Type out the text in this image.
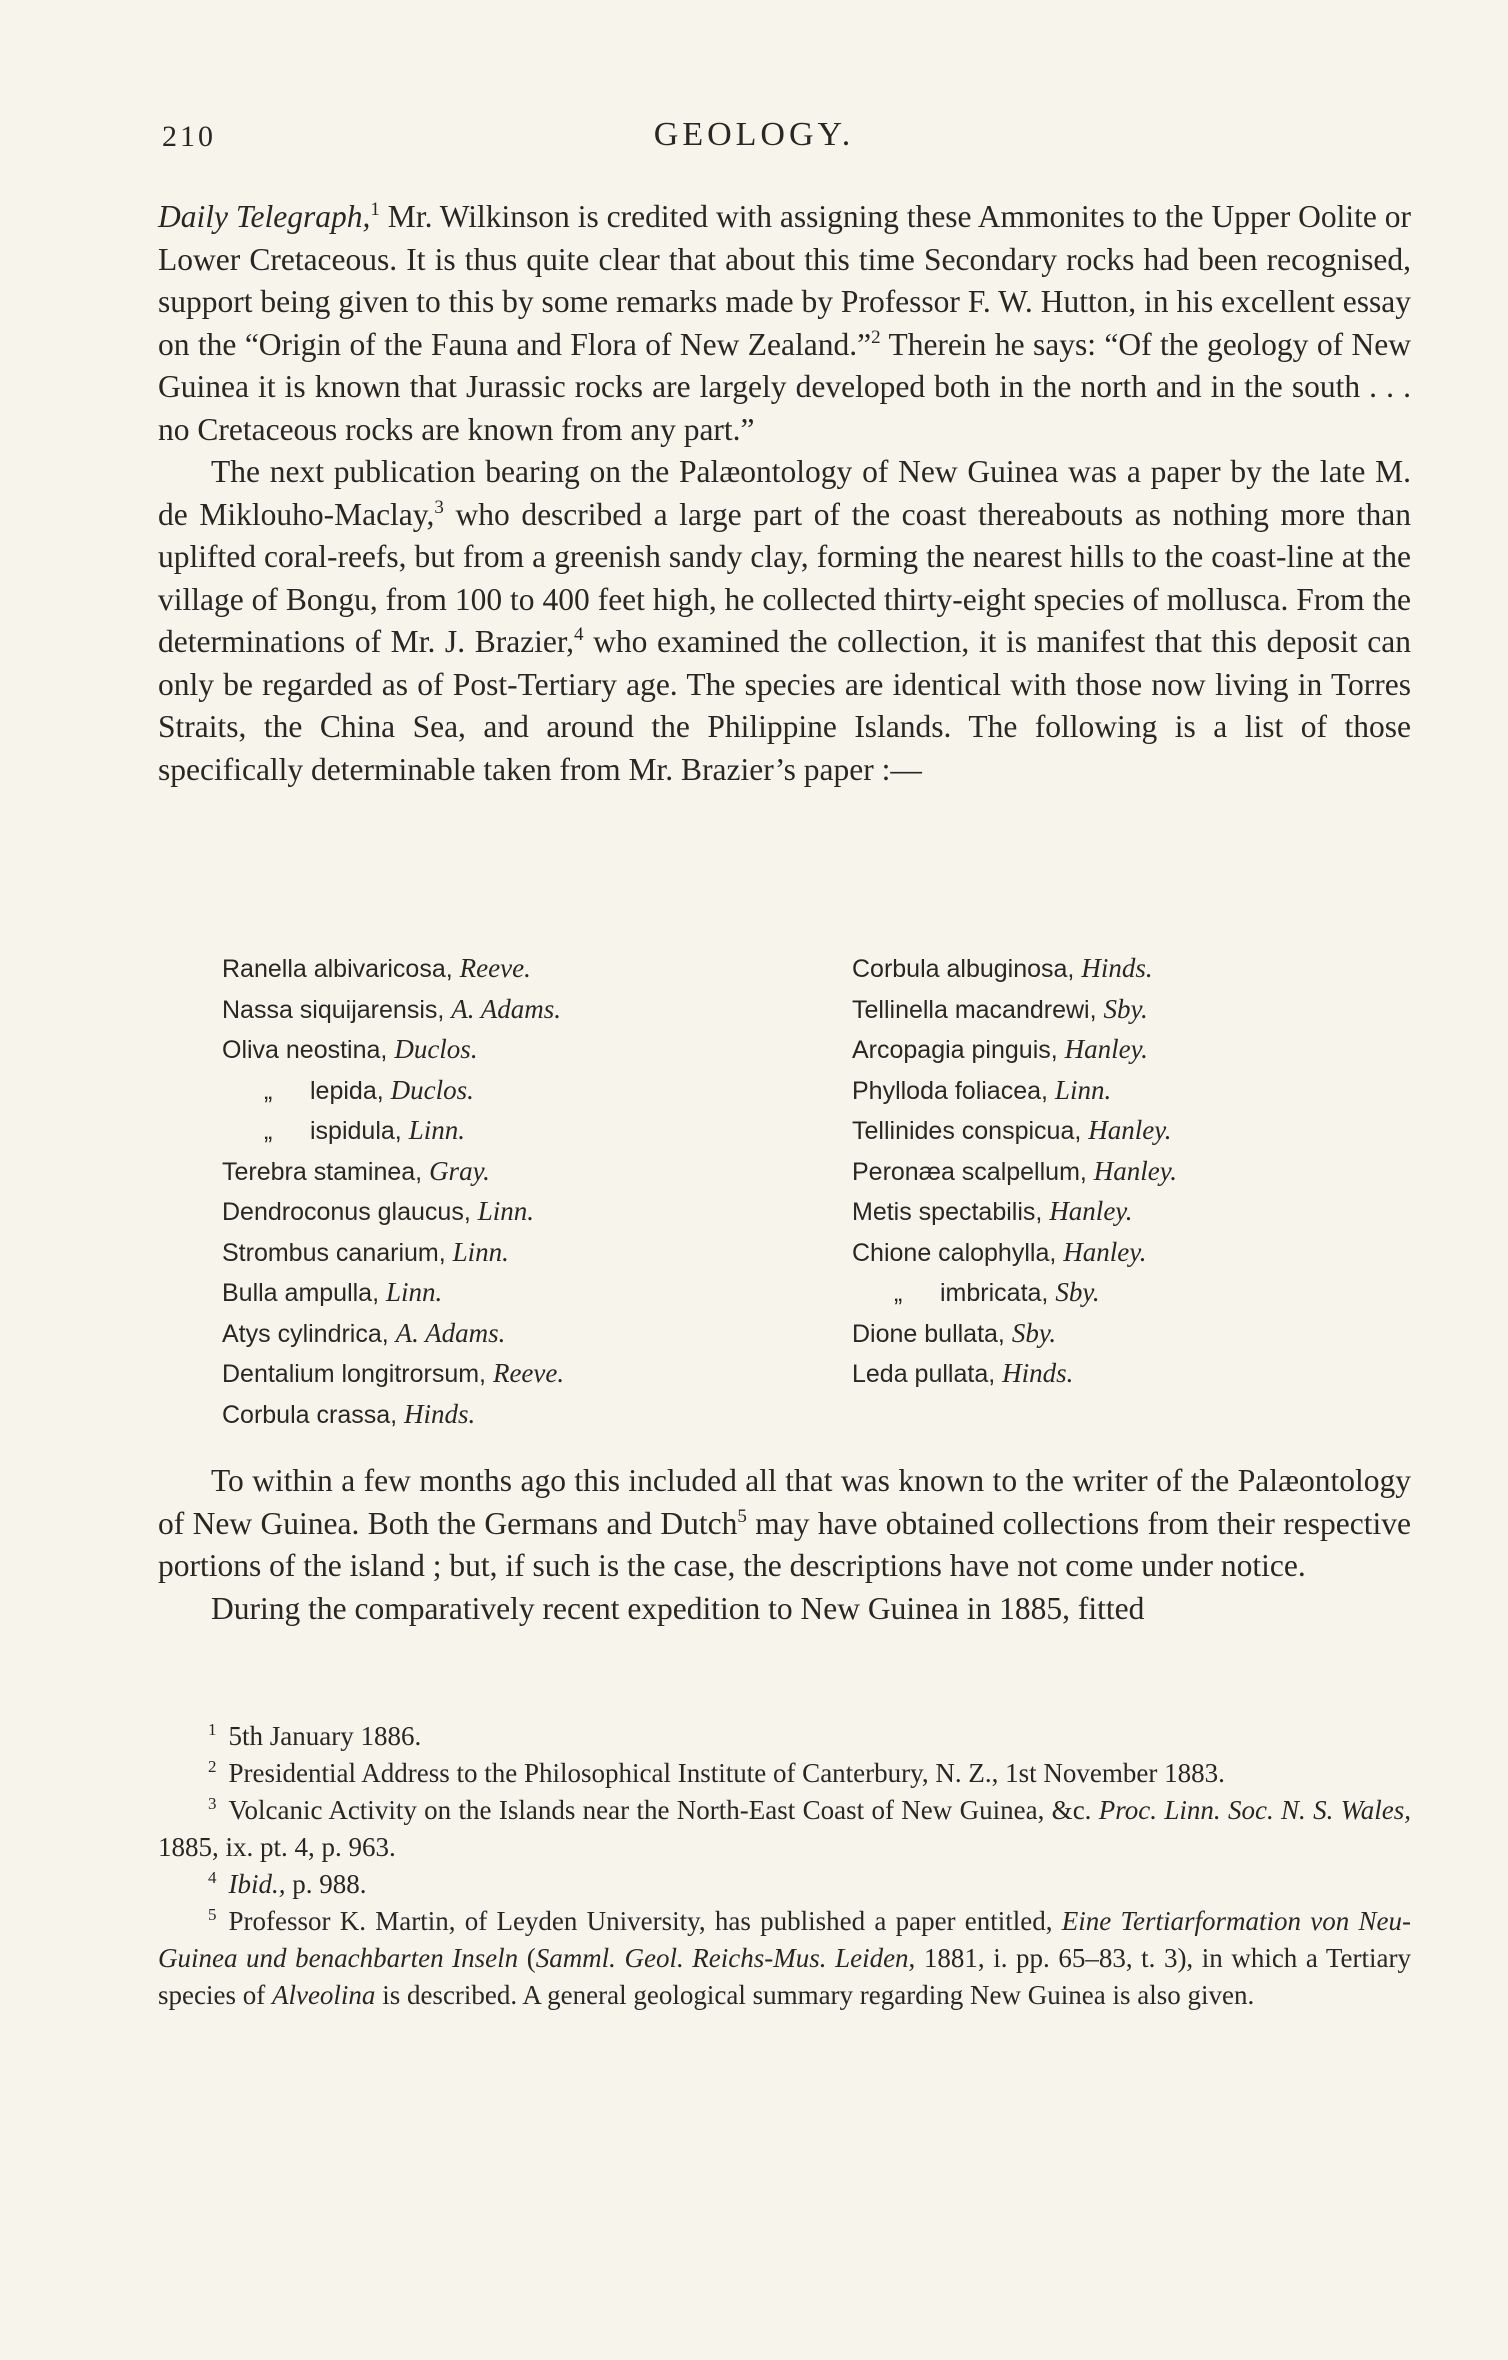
210	GEOLOGY.

Daily Telegraph,$^1$ Mr. Wilkinson is credited with assigning these Ammonites to the Upper Oolite or Lower Cretaceous. It is thus quite clear that about this time Secondary rocks had been recognised, support being given to this by some remarks made by Professor F. W. Hutton, in his excellent essay on the “Origin of the Fauna and Flora of New Zealand.”$^2$ Therein he says: “Of the geology of New Guinea it is known that Jurassic rocks are largely developed both in the north and in the south . . . no Cretaceous rocks are known from any part.”

The next publication bearing on the Palæontology of New Guinea was a paper by the late M. de Miklouho-Maclay,$^3$ who described a large part of the coast thereabouts as nothing more than uplifted coral-reefs, but from a greenish sandy clay, forming the nearest hills to the coast-line at the village of Bongu, from 100 to 400 feet high, he collected thirty-eight species of mollusca. From the determinations of Mr. J. Brazier,$^4$ who examined the collection, it is manifest that this deposit can only be regarded as of Post-Tertiary age. The species are identical with those now living in Torres Straits, the China Sea, and around the Philippine Islands. The following is a list of those specifically determinable taken from Mr. Brazier’s paper :—

Ranella albivaricosa, Reeve.
Nassa siquijarensis, A. Adams.
Oliva neostina, Duclos.
„ lepida, Duclos.
„ ispidula, Linn.
Terebra staminea, Gray.
Dendroconus glaucus, Linn.
Strombus canarium, Linn.
Bulla ampulla, Linn.
Atys cylindrica, A. Adams.
Dentalium longitrorsum, Reeve.
Corbula crassa, Hinds.
Corbula albuginosa, Hinds.
Tellinella macandrewi, Sby.
Arcopagia pinguis, Hanley.
Phylloda foliacea, Linn.
Tellinides conspicua, Hanley.
Peronæa scalpellum, Hanley.
Metis spectabilis, Hanley.
Chione calophylla, Hanley.
„ imbricata, Sby.
Dione bullata, Sby.
Leda pullata, Hinds.

To within a few months ago this included all that was known to the writer of the Palæontology of New Guinea. Both the Germans and Dutch$^5$ may have obtained collections from their respective portions of the island ; but, if such is the case, the descriptions have not come under notice.

During the comparatively recent expedition to New Guinea in 1885, fitted

$^1$ 5th January 1886.

$^2$ Presidential Address to the Philosophical Institute of Canterbury, N. Z., 1st November 1883.

$^3$ Volcanic Activity on the Islands near the North-East Coast of New Guinea, &c. Proc. Linn. Soc. N. S. Wales, 1885, ix. pt. 4, p. 963.

$^4$ Ibid., p. 988.

$^5$ Professor K. Martin, of Leyden University, has published a paper entitled, Eine Tertiarformation von Neu-Guinea und benachbarten Inseln (Samml. Geol. Reichs-Mus. Leiden, 1881, i. pp. 65–83, t. 3), in which a Tertiary species of Alveolina is described. A general geological summary regarding New Guinea is also given.
